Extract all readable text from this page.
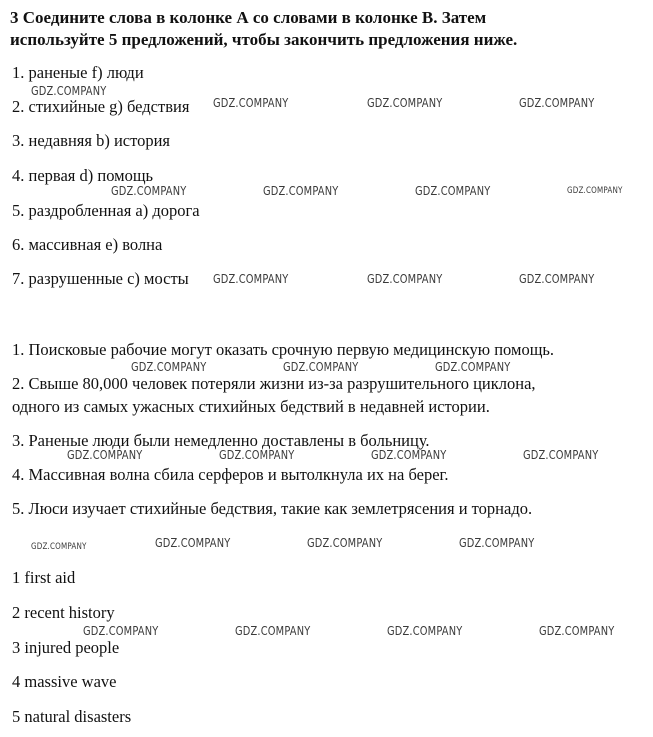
3 Соедините слова в колонке А со словами в колонке В. Затем
используйте 5 предложений, чтобы закончить предложения ниже.
1. раненые f) люди
2. стихийные g) бедствия
3. недавняя b) история
4. первая d) помощь
5. раздробленная a) дорога
6. массивная e) волна
7. разрушенные c) мосты
1. Поисковые рабочие могут оказать срочную первую медицинскую помощь.
2. Свыше 80,000 человек потеряли жизни из-за разрушительного циклона,
одного из самых ужасных стихийных бедствий в недавней истории.
3. Раненые люди были немедленно доставлены в больницу.
4. Массивная волна сбила серферов и вытолкнула их на берег.
5. Люси изучает стихийные бедствия, такие как землетрясения и торнадо.
1 first aid
2 recent history
3 injured people
4 massive wave
5 natural disasters
GDZ.COMPANY
GDZ.COMPANY	GDZ.COMPANY	GDZ.COMPANY
GDZ.COMPANY	GDZ.COMPANY	GDZ.COMPANY	GDZ.COMPANY
GDZ.COMPANY	GDZ.COMPANY	GDZ.COMPANY
GDZ.COMPANY	GDZ.COMPANY	GDZ.COMPANY
GDZ.COMPANY	GDZ.COMPANY	GDZ.COMPANY	GDZ.COMPANY
GDZ.COMPANY	GDZ.COMPANY	GDZ.COMPANY	GDZ.COMPANY
GDZ.COMPANY	GDZ.COMPANY	GDZ.COMPANY	GDZ.COMPANY
